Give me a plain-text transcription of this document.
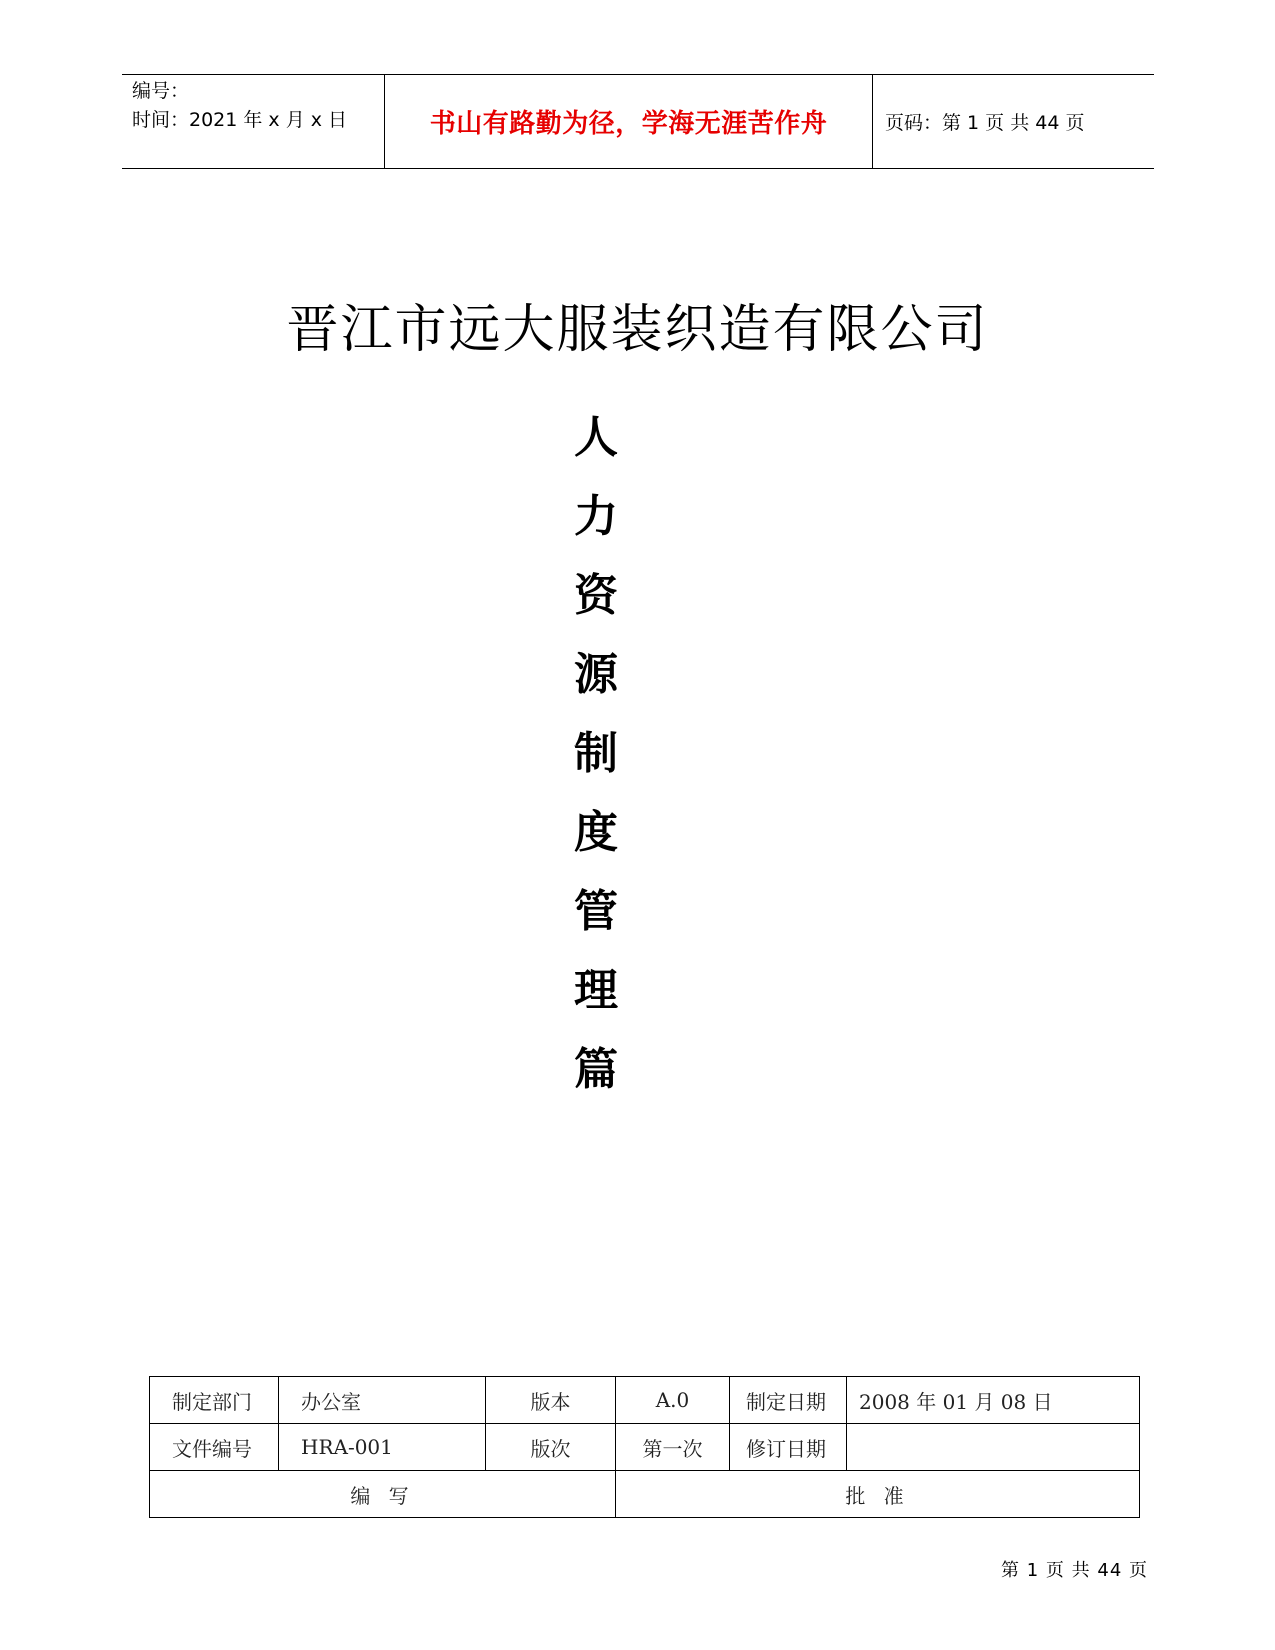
编号：
时间：2021 年 x 月 x 日	书山有路勤为径，学海无涯苦作舟	页码：第 1 页 共 44 页
晋江市远大服装织造有限公司
人
力
资
源
制
度
管
理
篇
制定部门	办公室	版本	A.0	制定日期	2008 年 01 月 08 日
文件编号	HRA-001	版次	第一次	修订日期	
编 写			批 准		
第 1 页 共 44 页
